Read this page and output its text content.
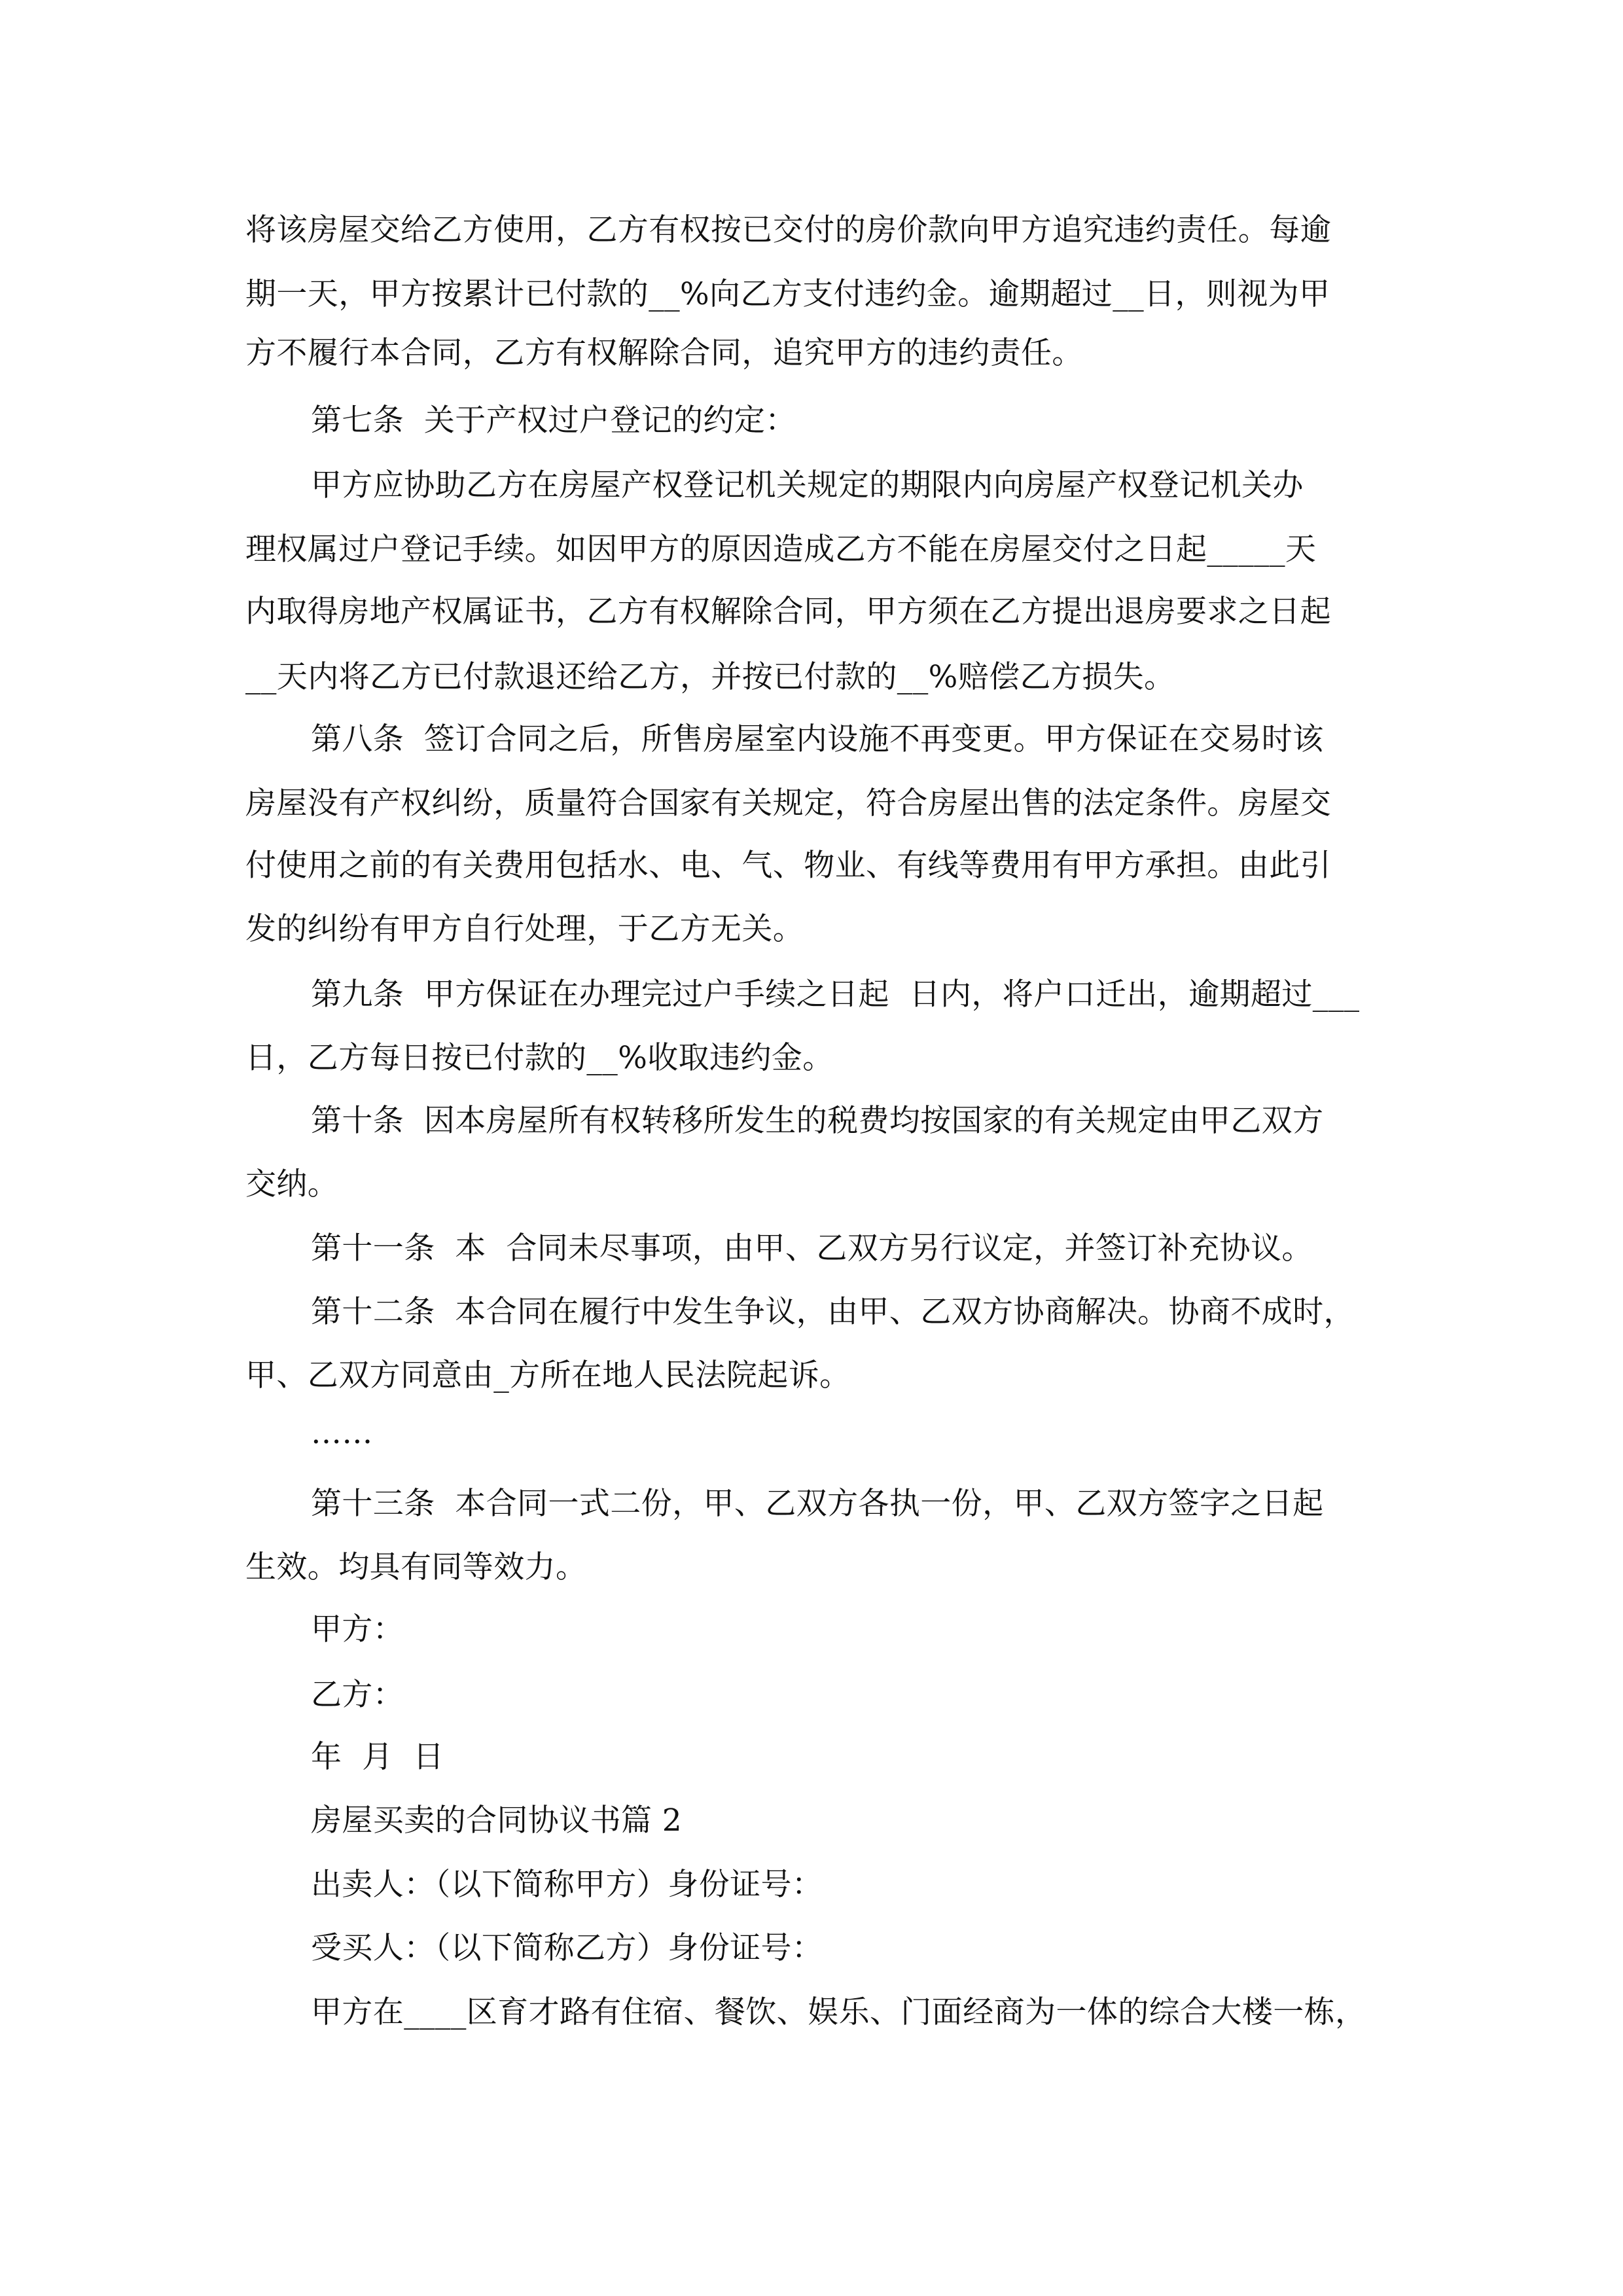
将该房屋交给乙方使用，乙方有权按已交付的房价款向甲方追究违约责任。每逾
期一天，甲方按累计已付款的__%向乙方支付违约金。逾期超过__日，则视为甲
方不履行本合同，乙方有权解除合同，追究甲方的违约责任。
第七条  关于产权过户登记的约定：
甲方应协助乙方在房屋产权登记机关规定的期限内向房屋产权登记机关办
理权属过户登记手续。如因甲方的原因造成乙方不能在房屋交付之日起_____天
内取得房地产权属证书，乙方有权解除合同，甲方须在乙方提出退房要求之日起
__天内将乙方已付款退还给乙方，并按已付款的__%赔偿乙方损失。
第八条  签订合同之后，所售房屋室内设施不再变更。甲方保证在交易时该
房屋没有产权纠纷，质量符合国家有关规定，符合房屋出售的法定条件。房屋交
付使用之前的有关费用包括水、电、气、物业、有线等费用有甲方承担。由此引
发的纠纷有甲方自行处理，于乙方无关。
第九条  甲方保证在办理完过户手续之日起  日内，将户口迁出，逾期超过___
日，乙方每日按已付款的__%收取违约金。
第十条  因本房屋所有权转移所发生的税费均按国家的有关规定由甲乙双方
交纳。
第十一条  本  合同未尽事项，由甲、乙双方另行议定，并签订补充协议。
第十二条  本合同在履行中发生争议，由甲、乙双方协商解决。协商不成时，
甲、乙双方同意由_方所在地人民法院起诉。
……
第十三条  本合同一式二份，甲、乙双方各执一份，甲、乙双方签字之日起
生效。均具有同等效力。
甲方：
乙方：
年  月  日
房屋买卖的合同协议书篇 2
出卖人：（以下简称甲方）身份证号：
受买人：（以下简称乙方）身份证号：
甲方在____区育才路有住宿、餐饮、娱乐、门面经商为一体的综合大楼一栋，
